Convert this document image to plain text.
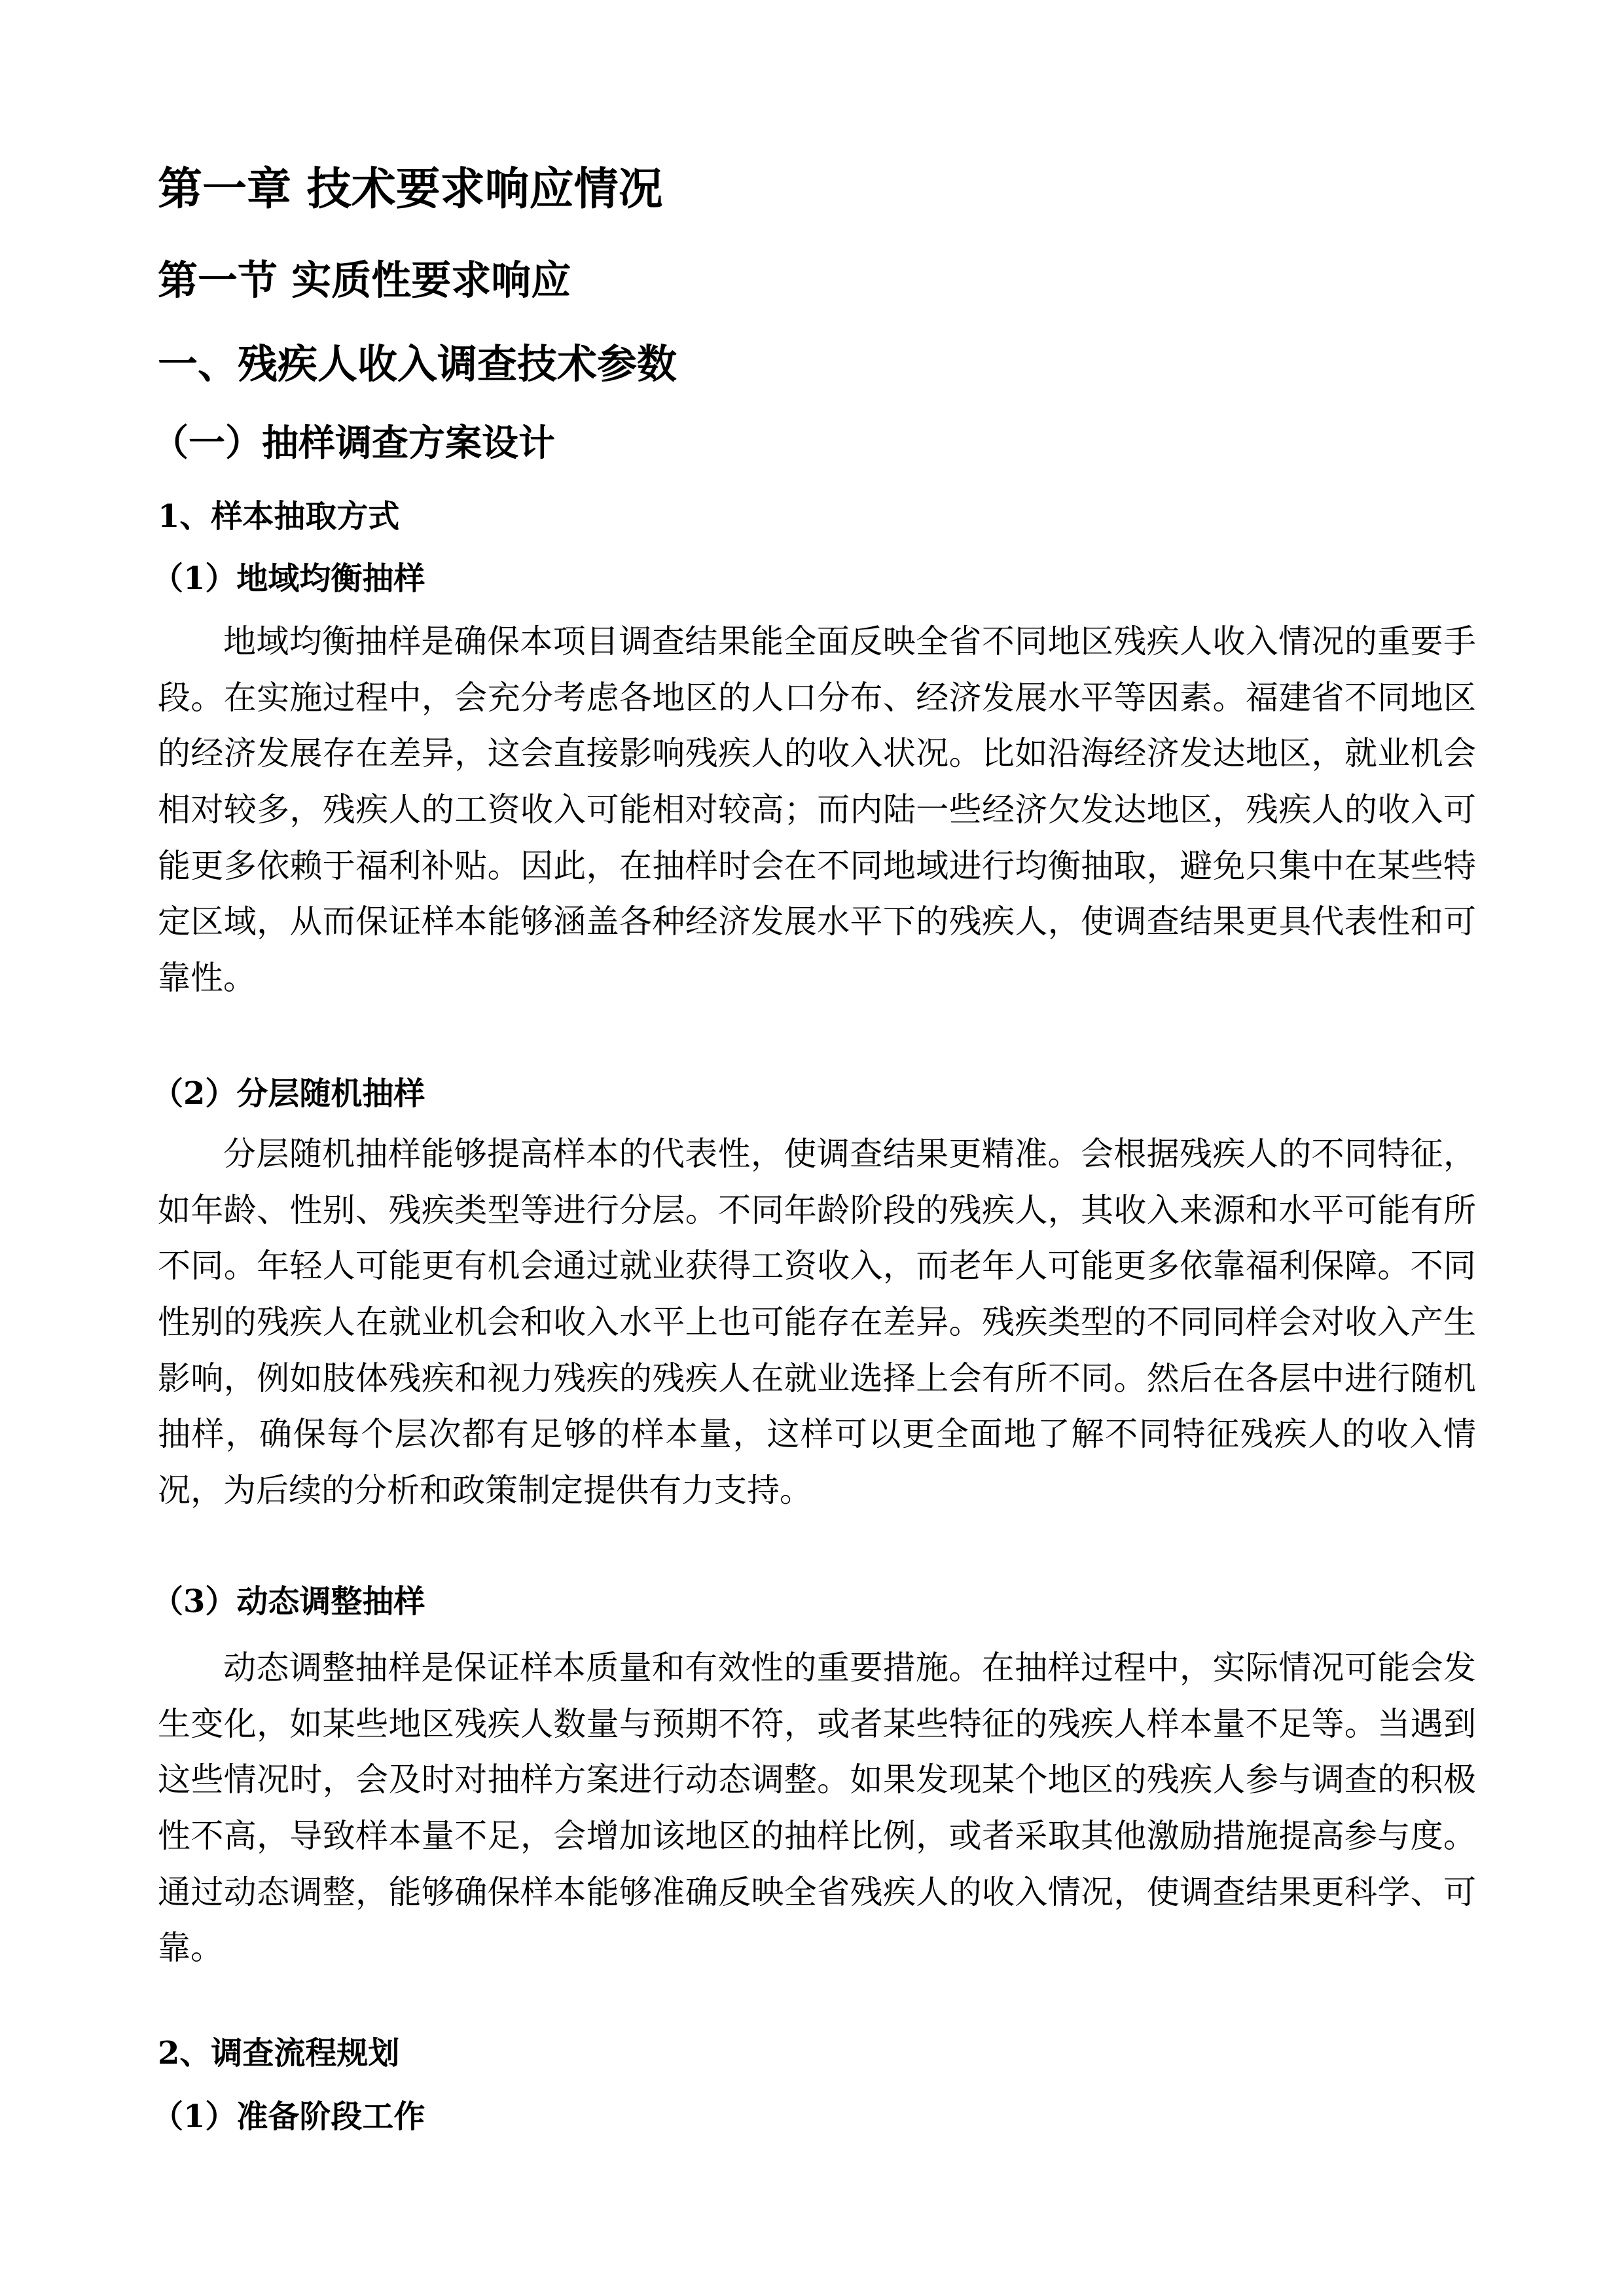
第一章 技术要求响应情况
第一节 实质性要求响应
一、残疾人收入调查技术参数
（一）抽样调查方案设计
1、样本抽取方式
（1）地域均衡抽样
地域均衡抽样是确保本项目调查结果能全面反映全省不同地区残疾人收入情况的重要手
段。在实施过程中，会充分考虑各地区的人口分布、经济发展水平等因素。福建省不同地区
的经济发展存在差异，这会直接影响残疾人的收入状况。比如沿海经济发达地区，就业机会
相对较多，残疾人的工资收入可能相对较高；而内陆一些经济欠发达地区，残疾人的收入可
能更多依赖于福利补贴。因此，在抽样时会在不同地域进行均衡抽取，避免只集中在某些特
定区域，从而保证样本能够涵盖各种经济发展水平下的残疾人，使调查结果更具代表性和可
靠性。
（2）分层随机抽样
分层随机抽样能够提高样本的代表性，使调查结果更精准。会根据残疾人的不同特征，
如年龄、性别、残疾类型等进行分层。不同年龄阶段的残疾人，其收入来源和水平可能有所
不同。年轻人可能更有机会通过就业获得工资收入，而老年人可能更多依靠福利保障。不同
性别的残疾人在就业机会和收入水平上也可能存在差异。残疾类型的不同同样会对收入产生
影响，例如肢体残疾和视力残疾的残疾人在就业选择上会有所不同。然后在各层中进行随机
抽样，确保每个层次都有足够的样本量，这样可以更全面地了解不同特征残疾人的收入情
况，为后续的分析和政策制定提供有力支持。
（3）动态调整抽样
动态调整抽样是保证样本质量和有效性的重要措施。在抽样过程中，实际情况可能会发
生变化，如某些地区残疾人数量与预期不符，或者某些特征的残疾人样本量不足等。当遇到
这些情况时，会及时对抽样方案进行动态调整。如果发现某个地区的残疾人参与调查的积极
性不高，导致样本量不足，会增加该地区的抽样比例，或者采取其他激励措施提高参与度。
通过动态调整，能够确保样本能够准确反映全省残疾人的收入情况，使调查结果更科学、可
靠。
2、调查流程规划
（1）准备阶段工作
